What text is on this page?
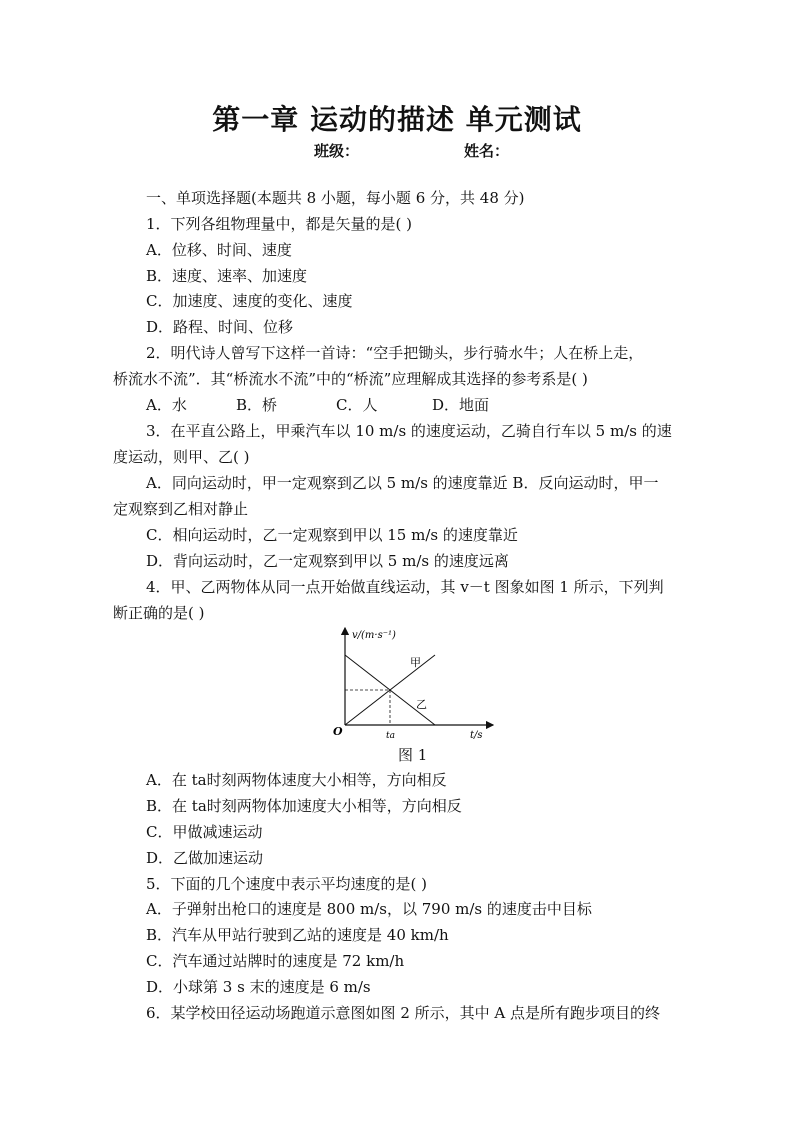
第一章 运动的描述 单元测试
班级：	姓名：
一、单项选择题(本题共 8 小题，每小题 6 分，共 48 分)
1．下列各组物理量中，都是矢量的是( )
A．位移、时间、速度
B．速度、速率、加速度
C．加速度、速度的变化、速度
D．路程、时间、位移
2．明代诗人曾写下这样一首诗：“空手把锄头，步行骑水牛；人在桥上走，
桥流水不流”．其“桥流水不流”中的“桥流”应理解成其选择的参考系是( )
A．水	B．桥	C．人	D．地面
3．在平直公路上，甲乘汽车以 10 m/s 的速度运动，乙骑自行车以 5 m/s 的速
度运动，则甲、乙( )
A．同向运动时，甲一定观察到乙以 5 m/s 的速度靠近 B．反向运动时，甲一
定观察到乙相对静止
C．相向运动时，乙一定观察到甲以 15 m/s 的速度靠近
D．背向运动时，乙一定观察到甲以 5 m/s 的速度远离
4．甲、乙两物体从同一点开始做直线运动，其 v－t 图象如图 1 所示，下列判
断正确的是( )
v/(m·s⁻¹)
t/s
O	ta
甲
乙
图 1
A．在 ta时刻两物体速度大小相等，方向相反
B．在 ta时刻两物体加速度大小相等，方向相反
C．甲做减速运动
D．乙做加速运动
5．下面的几个速度中表示平均速度的是( )
A．子弹射出枪口的速度是 800 m/s，以 790 m/s 的速度击中目标
B．汽车从甲站行驶到乙站的速度是 40 km/h
C．汽车通过站牌时的速度是 72 km/h
D．小球第 3 s 末的速度是 6 m/s
6．某学校田径运动场跑道示意图如图 2 所示，其中 A 点是所有跑步项目的终
